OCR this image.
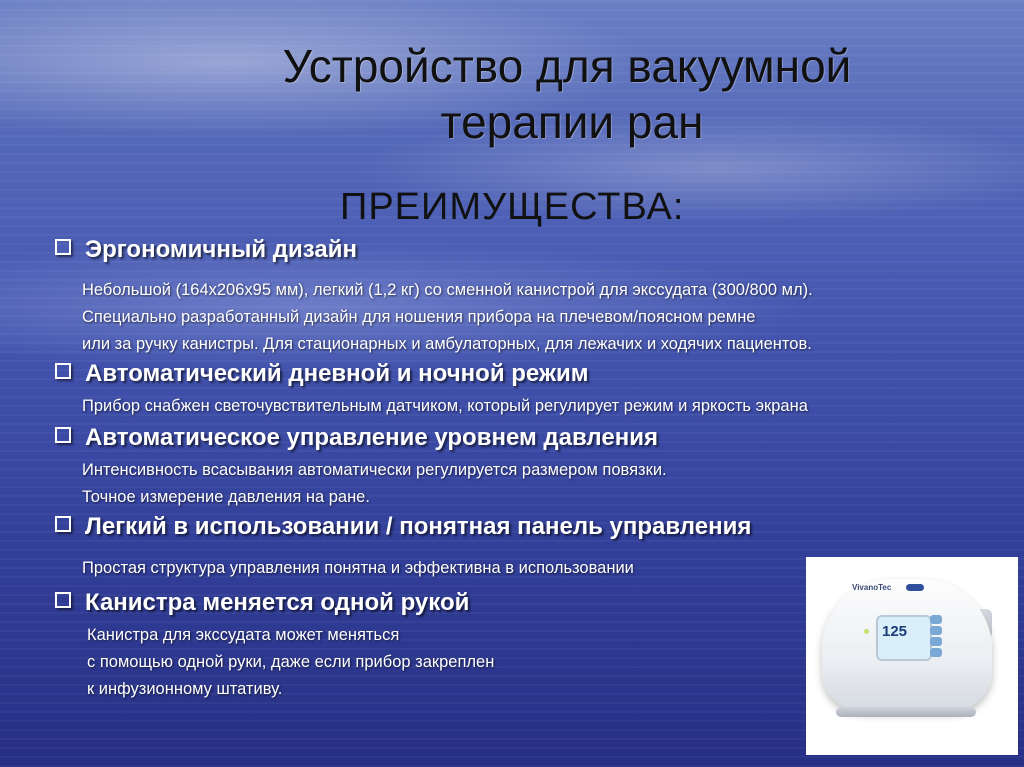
Устройство для вакуумной
терапии ран
ПРЕИМУЩЕСТВА:
Эргономичный дизайн
Небольшой (164x206x95 мм), легкий (1,2 кг) со сменной канистрой для экссудата (300/800 мл).
Специально разработанный дизайн для ношения прибора на плечевом/поясном ремне
или за ручку канистры. Для стационарных и амбулаторных, для лежачих и ходячих пациентов.
Автоматический дневной и ночной режим
Прибор снабжен светочувствительным датчиком, который регулирует режим и яркость экрана
Автоматическое управление уровнем давления
Интенсивность всасывания автоматически регулируется размером повязки.
Точное измерение давления на ране.
Легкий в использовании / понятная панель управления
Простая структура управления понятна и эффективна в использовании
Канистра меняется одной рукой
Канистра для экссудата может меняться
с помощью одной руки, даже если прибор закреплен
к инфузионному штативу.
VivanoTec
125
